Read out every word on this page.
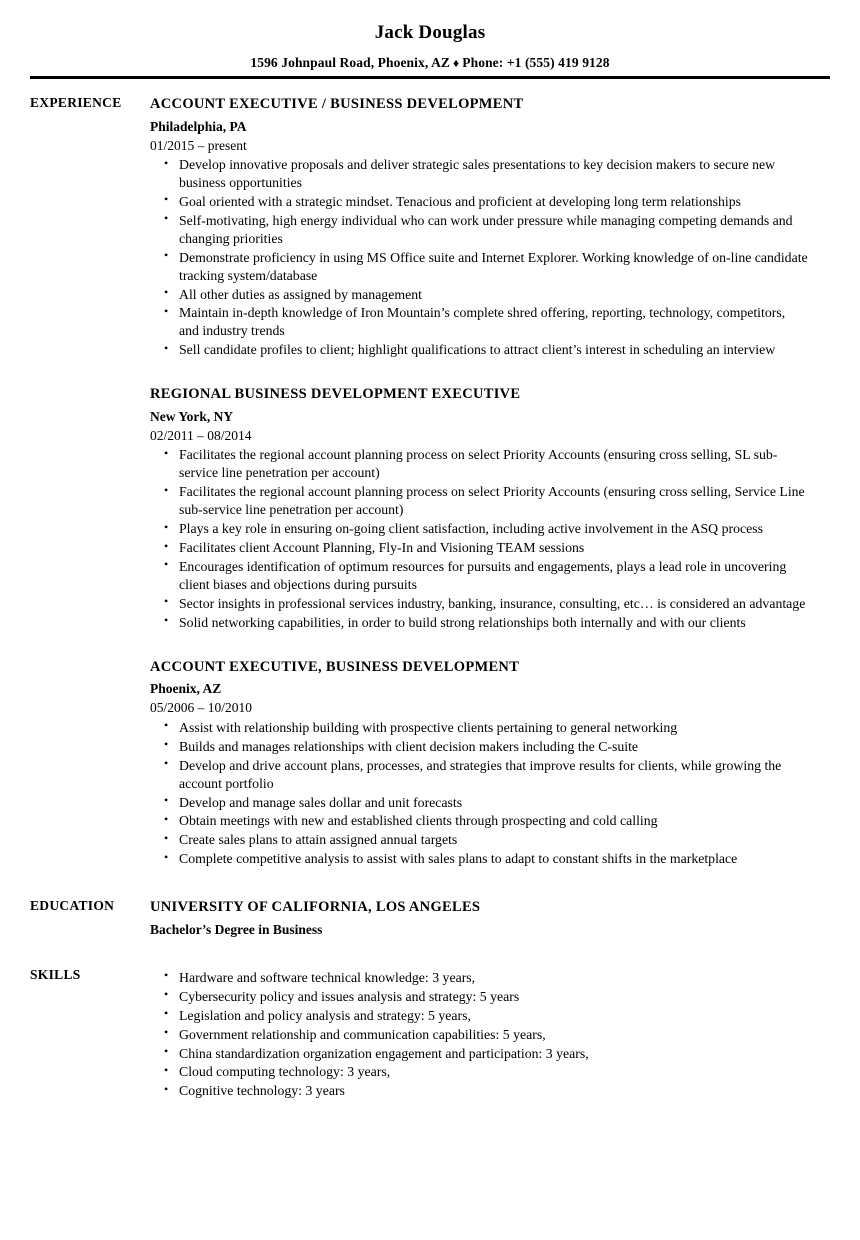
Jack Douglas
1596 Johnpaul Road, Phoenix, AZ ♦ Phone: +1 (555) 419 9128
EXPERIENCE	ACCOUNT EXECUTIVE / BUSINESS DEVELOPMENT
Philadelphia, PA
01/2015 – present
• Develop innovative proposals and deliver strategic sales presentations to key decision makers to secure new business opportunities
• Goal oriented with a strategic mindset. Tenacious and proficient at developing long term relationships
• Self-motivating, high energy individual who can work under pressure while managing competing demands and changing priorities
• Demonstrate proficiency in using MS Office suite and Internet Explorer. Working knowledge of on-line candidate tracking system/database
• All other duties as assigned by management
• Maintain in-depth knowledge of Iron Mountain’s complete shred offering, reporting, technology, competitors, and industry trends
• Sell candidate profiles to client; highlight qualifications to attract client’s interest in scheduling an interview
REGIONAL BUSINESS DEVELOPMENT EXECUTIVE
New York, NY
02/2011 – 08/2014
• Facilitates the regional account planning process on select Priority Accounts (ensuring cross selling, SL sub-service line penetration per account)
• Facilitates the regional account planning process on select Priority Accounts (ensuring cross selling, Service Line sub-service line penetration per account)
• Plays a key role in ensuring on-going client satisfaction, including active involvement in the ASQ process
• Facilitates client Account Planning, Fly-In and Visioning TEAM sessions
• Encourages identification of optimum resources for pursuits and engagements, plays a lead role in uncovering client biases and objections during pursuits
• Sector insights in professional services industry, banking, insurance, consulting, etc… is considered an advantage
• Solid networking capabilities, in order to build strong relationships both internally and with our clients
ACCOUNT EXECUTIVE, BUSINESS DEVELOPMENT
Phoenix, AZ
05/2006 – 10/2010
• Assist with relationship building with prospective clients pertaining to general networking
• Builds and manages relationships with client decision makers including the C-suite
• Develop and drive account plans, processes, and strategies that improve results for clients, while growing the account portfolio
• Develop and manage sales dollar and unit forecasts
• Obtain meetings with new and established clients through prospecting and cold calling
• Create sales plans to attain assigned annual targets
• Complete competitive analysis to assist with sales plans to adapt to constant shifts in the marketplace
EDUCATION	UNIVERSITY OF CALIFORNIA, LOS ANGELES
Bachelor’s Degree in Business
SKILLS	• Hardware and software technical knowledge: 3 years,
• Cybersecurity policy and issues analysis and strategy: 5 years
• Legislation and policy analysis and strategy: 5 years,
• Government relationship and communication capabilities: 5 years,
• China standardization organization engagement and participation: 3 years,
• Cloud computing technology: 3 years,
• Cognitive technology: 3 years
